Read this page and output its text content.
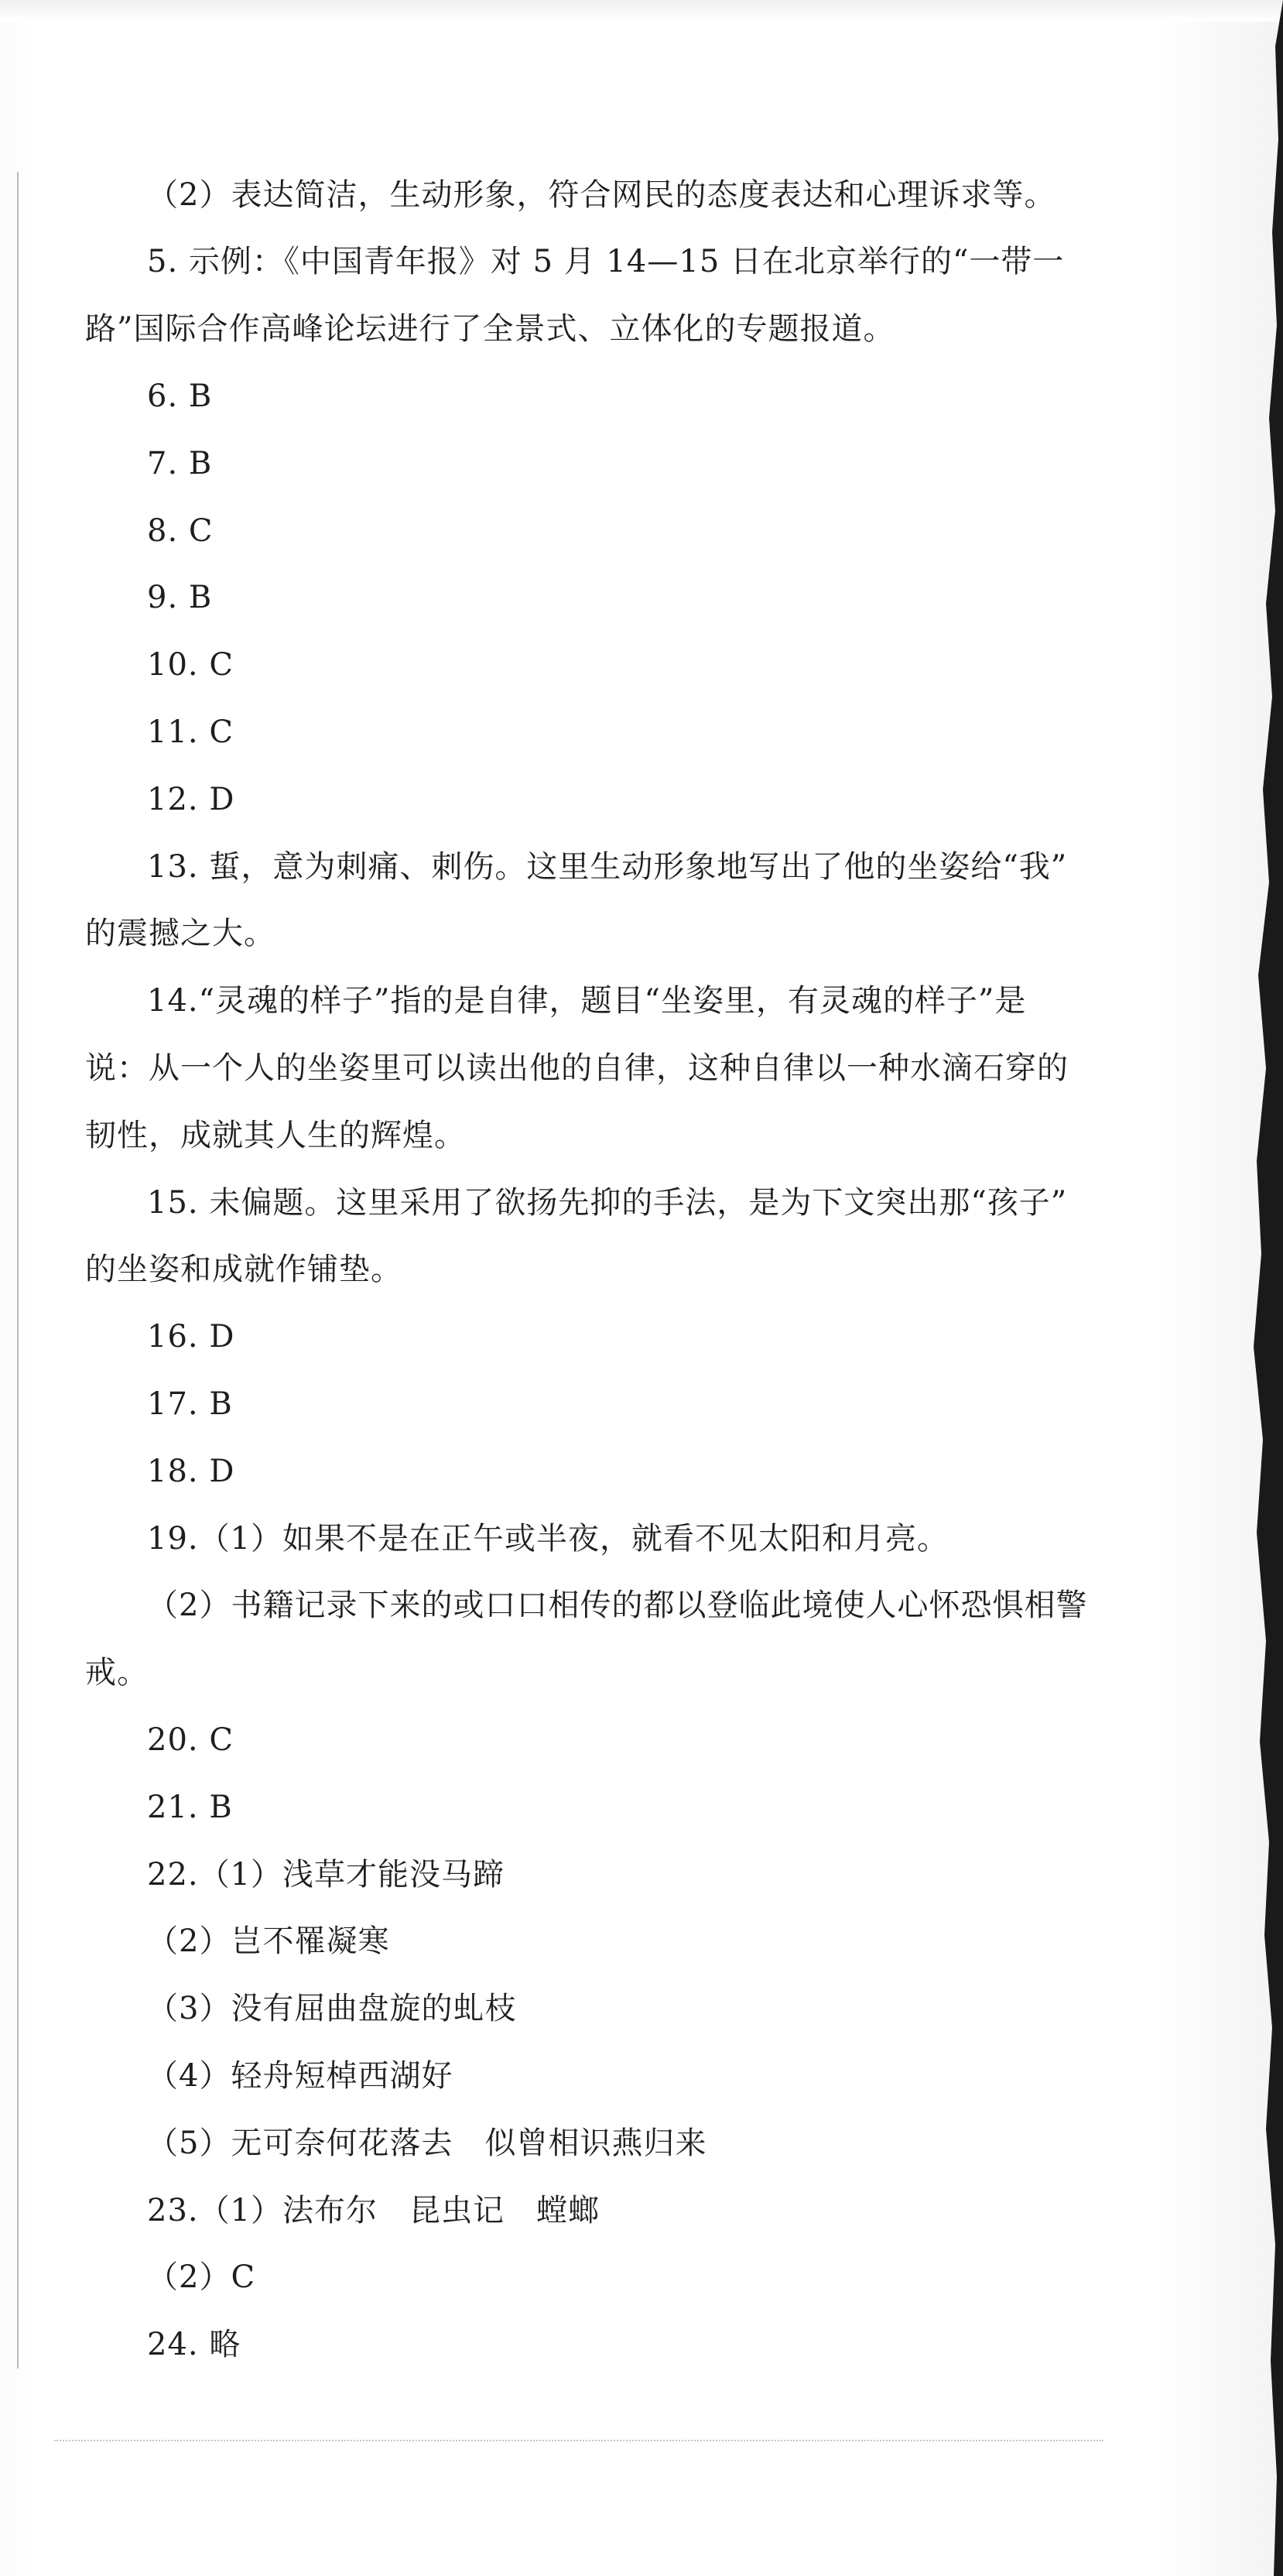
（2）表达简洁，生动形象，符合网民的态度表达和心理诉求等。
5. 示例：《中国青年报》对 5 月 14—15 日在北京举行的“一带一
路”国际合作高峰论坛进行了全景式、立体化的专题报道。
6. B
7. B
8. C
9. B
10. C
11. C
12. D
13. 蜇，意为刺痛、刺伤。这里生动形象地写出了他的坐姿给“我”
的震撼之大。
14.“灵魂的样子”指的是自律，题目“坐姿里，有灵魂的样子”是
说：从一个人的坐姿里可以读出他的自律，这种自律以一种水滴石穿的
韧性，成就其人生的辉煌。
15. 未偏题。这里采用了欲扬先抑的手法，是为下文突出那“孩子”
的坐姿和成就作铺垫。
16. D
17. B
18. D
19.（1）如果不是在正午或半夜，就看不见太阳和月亮。
（2）书籍记录下来的或口口相传的都以登临此境使人心怀恐惧相警
戒。
20. C
21. B
22.（1）浅草才能没马蹄
（2）岂不罹凝寒
（3）没有屈曲盘旋的虬枝
（4）轻舟短棹西湖好
（5）无可奈何花落去　似曾相识燕归来
23.（1）法布尔　昆虫记　螳螂
（2）C
24. 略
